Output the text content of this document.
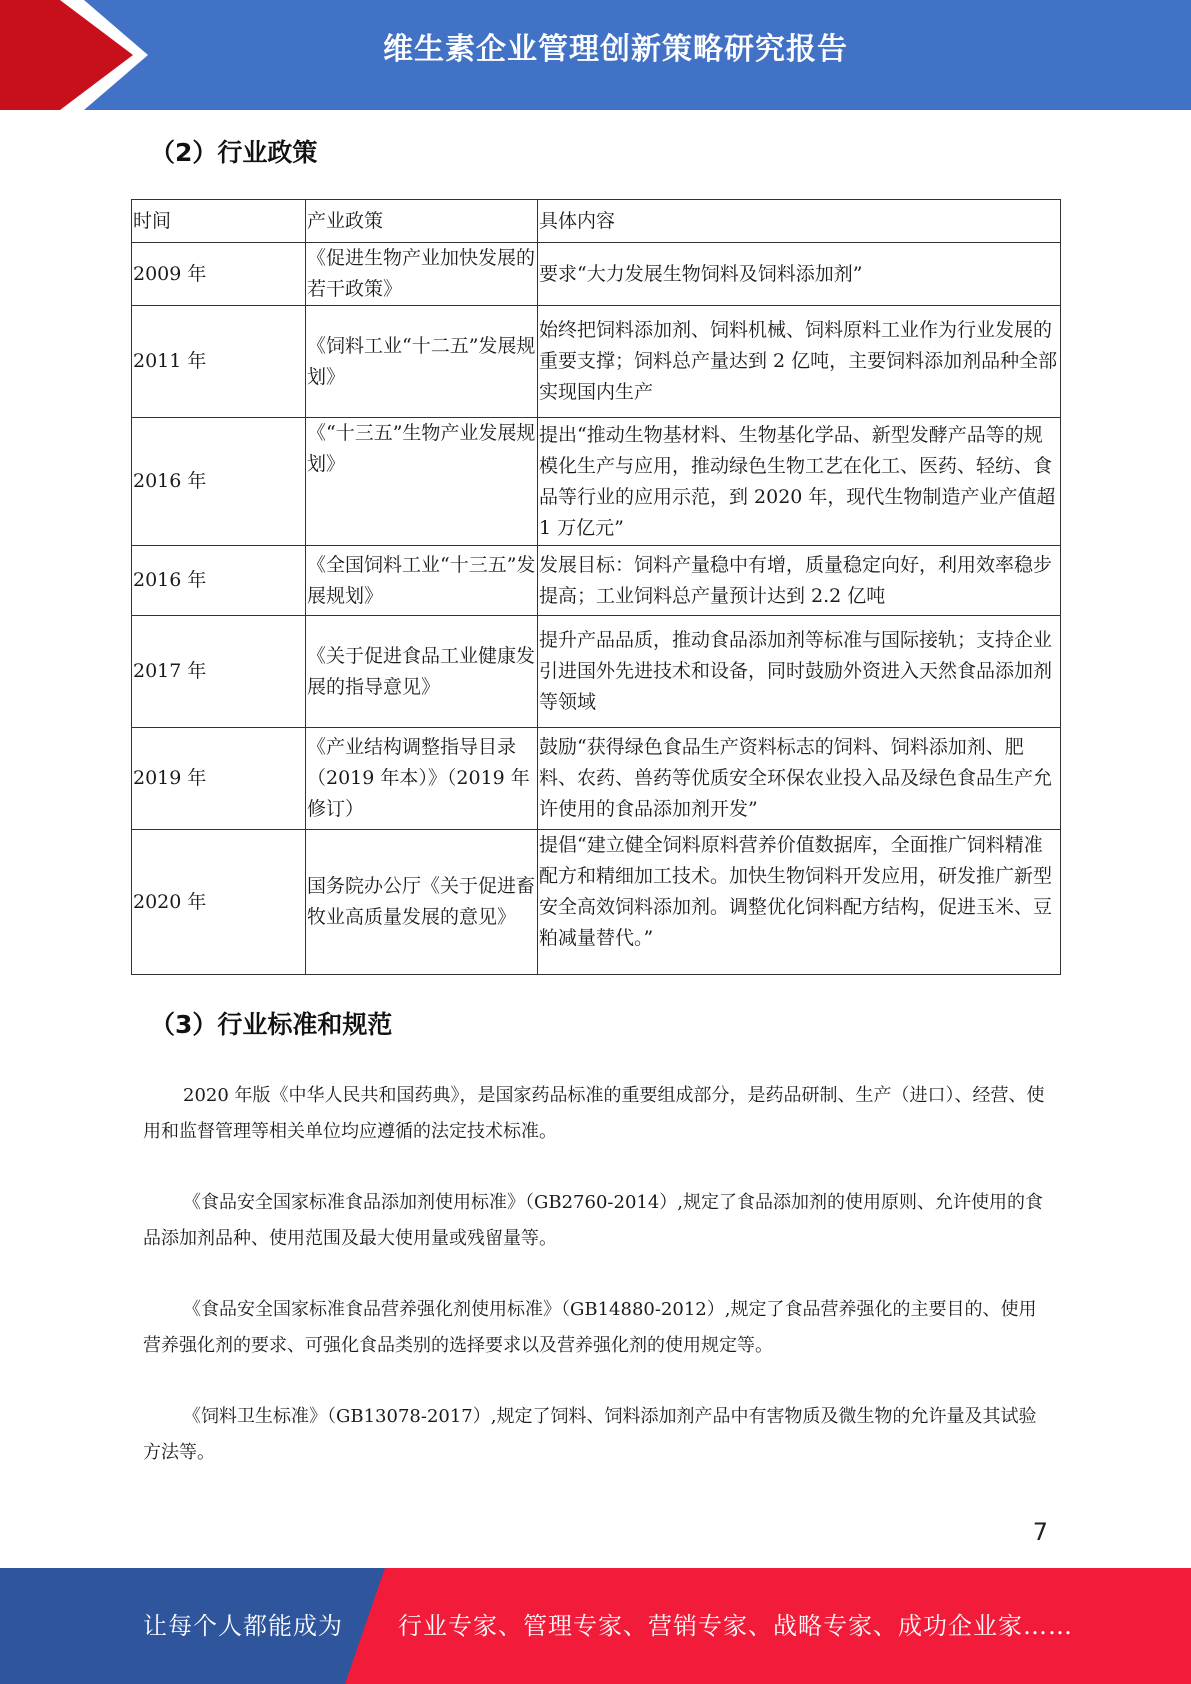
维生素企业管理创新策略研究报告
（2）行业政策
时间	产业政策	具体内容
2009 年	《促进生物产业加快发展的若干政策》	要求“大力发展生物饲料及饲料添加剂”
2011 年	《饲料工业“十二五”发展规划》	始终把饲料添加剂、饲料机械、饲料原料工业作为行业发展的重要支撑；饲料总产量达到 2 亿吨，主要饲料添加剂品种全部实现国内生产
2016 年	《“十三五”生物产业发展规划》	提出“推动生物基材料、生物基化学品、新型发酵产品等的规模化生产与应用，推动绿色生物工艺在化工、医药、轻纺、食品等行业的应用示范，到 2020 年，现代生物制造产业产值超 1 万亿元”
2016 年	《全国饲料工业“十三五”发展规划》	发展目标：饲料产量稳中有增，质量稳定向好，利用效率稳步提高；工业饲料总产量预计达到 2.2 亿吨
2017 年	《关于促进食品工业健康发展的指导意见》	提升产品品质，推动食品添加剂等标准与国际接轨；支持企业引进国外先进技术和设备，同时鼓励外资进入天然食品添加剂等领域
2019 年	《产业结构调整指导目录（2019 年本）》（2019 年修订）	鼓励“获得绿色食品生产资料标志的饲料、饲料添加剂、肥料、农药、兽药等优质安全环保农业投入品及绿色食品生产允许使用的食品添加剂开发”
2020 年	国务院办公厅《关于促进畜牧业高质量发展的意见》	提倡“建立健全饲料原料营养价值数据库，全面推广饲料精准配方和精细加工技术。加快生物饲料开发应用，研发推广新型安全高效饲料添加剂。调整优化饲料配方结构，促进玉米、豆粕减量替代。”
（3）行业标准和规范

2020 年版《中华人民共和国药典》，是国家药品标准的重要组成部分，是药品研制、生产（进口）、经营、使用和监督管理等相关单位均应遵循的法定技术标准。

《食品安全国家标准食品添加剂使用标准》（GB2760-2014）,规定了食品添加剂的使用原则、允许使用的食品添加剂品种、使用范围及最大使用量或残留量等。

《食品安全国家标准食品营养强化剂使用标准》（GB14880-2012）,规定了食品营养强化的主要目的、使用营养强化剂的要求、可强化食品类别的选择要求以及营养强化剂的使用规定等。

《饲料卫生标准》（GB13078-2017）,规定了饲料、饲料添加剂产品中有害物质及微生物的允许量及其试验方法等。

7
让每个人都能成为 行业专家、管理专家、营销专家、战略专家、成功企业家……
